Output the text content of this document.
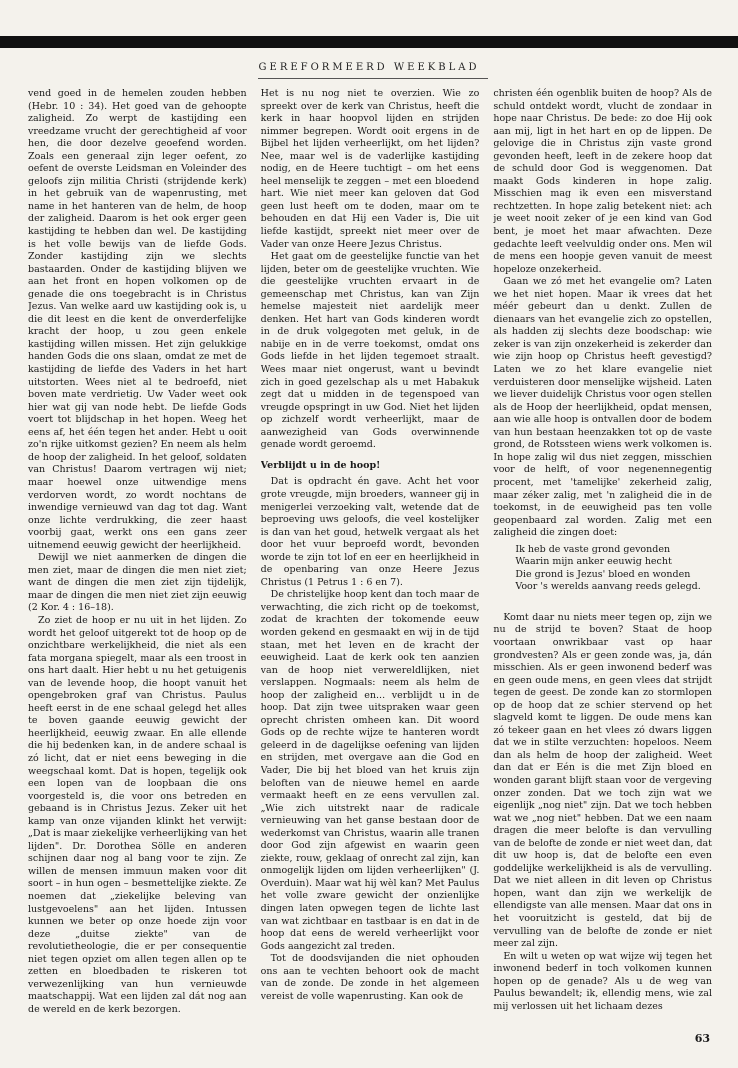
GEREFORMEERD WEEKBLAD

vend goed in de hemelen zouden hebben (Hebr. 10 : 34). Het goed van de gehoopte zaligheid. Zo werpt de kastijding een vreedzame vrucht der gerechtigheid af voor hen, die door dezelve geoefend worden. Zoals een generaal zijn leger oefent, zo oefent de overste Leidsman en Voleinder des geloofs zijn militia Christi (strijdende kerk) in het gebruik van de wapenrusting, met name in het hanteren van de helm, de hoop der zaligheid. Daarom is het ook erger geen kastijding te hebben dan wel. De kastijding is het volle bewijs van de liefde Gods. Zonder kastijding zijn we slechts bastaarden. Onder de kastijding blijven we aan het front en hopen volkomen op de genade die ons toegebracht is in Christus Jezus. Van welke aard uw kastijding ook is, u die dit leest en die kent de onverderfelijke kracht der hoop, u zou geen enkele kastijding willen missen. Het zijn gelukkige handen Gods die ons slaan, omdat ze met de kastijding de liefde des Vaders in het hart uitstorten. Wees niet al te bedroefd, niet boven mate verdrietig. Uw Vader weet ook hier wat gij van node hebt. De liefde Gods voert tot blijdschap in het hopen. Weeg het eens af, het één tegen het ander. Hebt u ooit zo'n rijke uitkomst gezien? En neem als helm de hoop der zaligheid. In het geloof, soldaten van Christus! Daarom vertragen wij niet; maar hoewel onze uitwendige mens verdorven wordt, zo wordt nochtans de inwendige vernieuwd van dag tot dag. Want onze lichte verdrukking, die zeer haast voorbij gaat, werkt ons een gans zeer uitnemend eeuwig gewicht der heerlijkheid.

Dewijl we niet aanmerken de dingen die men ziet, maar de dingen die men niet ziet; want de dingen die men ziet zijn tijdelijk, maar de dingen die men niet ziet zijn eeuwig (2 Kor. 4 : 16–18).

Zo ziet de hoop er nu uit in het lijden. Zo wordt het geloof uitgerekt tot de hoop op de onzichtbare werkelijkheid, die niet als een fata morgana spiegelt, maar als een troost in ons hart daalt. Hier hebt u nu het getuigenis van de levende hoop, die hoopt vanuit het opengebroken graf van Christus. Paulus heeft eerst in de ene schaal gelegd het alles te boven gaande eeuwig gewicht der heerlijkheid, eeuwig zwaar. En alle ellende die hij bedenken kan, in de andere schaal is zó licht, dat er niet eens beweging in die weegschaal komt. Dat is hopen, tegelijk ook een lopen van de loopbaan die ons voorgesteld is, die voor ons betreden en gebaand is in Christus Jezus. Zeker uit het kamp van onze vijanden klinkt het verwijt: „Dat is maar ziekelijke verheerlijking van het lijden". Dr. Dorothea Sölle en anderen schijnen daar nog al bang voor te zijn. Ze willen de mensen immuun maken voor dit soort – in hun ogen – besmettelijke ziekte. Ze noemen dat „ziekelijke beleving van lustgevoelens" aan het lijden. Intussen kunnen we beter op onze hoede zijn voor deze „duitse ziekte" van de revolutietheologie, die er per consequentie niet tegen opziet om allen tegen allen op te zetten en bloedbaden te riskeren tot verwezenlijking van hun vernieuwde maatschappij. Wat een lijden zal dát nog aan de wereld en de kerk bezorgen.

Het is nu nog niet te overzien. Wie zo spreekt over de kerk van Christus, heeft die kerk in haar hoopvol lijden en strijden nimmer begrepen. Wordt ooit ergens in de Bijbel het lijden verheerlijkt, om het lijden? Nee, maar wel is de vaderlijke kastijding nodig, en de Heere tuchtigt – om het eens heel menselijk te zeggen – met een bloedend hart. Wie niet meer kan geloven dat God geen lust heeft om te doden, maar om te behouden en dat Hij een Vader is, Die uit liefde kastijdt, spreekt niet meer over de Vader van onze Heere Jezus Christus.

Het gaat om de geestelijke functie van het lijden, beter om de geestelijke vruchten. Wie die geestelijke vruchten ervaart in de gemeenschap met Christus, kan van Zijn hemelse majesteit niet aardelijk meer denken. Het hart van Gods kinderen wordt in de druk volgegoten met geluk, in de nabije en in de verre toekomst, omdat ons Gods liefde in het lijden tegemoet straalt. Wees maar niet ongerust, want u bevindt zich in goed gezelschap als u met Habakuk zegt dat u midden in de tegenspoed van vreugde opspringt in uw God. Niet het lijden op zichzelf wordt verheerlijkt, maar de aanwezigheid van Gods overwinnende genade wordt geroemd.

Verblijdt u in de hoop!

Dat is opdracht én gave. Acht het voor grote vreugde, mijn broeders, wanneer gij in menigerlei verzoeking valt, wetende dat de beproeving uws geloofs, die veel kostelijker is dan van het goud, hetwelk vergaat als het door het vuur beproefd wordt, bevonden worde te zijn tot lof en eer en heerlijkheid in de openbaring van onze Heere Jezus Christus (1 Petrus 1 : 6 en 7).

De christelijke hoop kent dan toch maar de verwachting, die zich richt op de toekomst, zodat de krachten der tokomende eeuw worden gekend en gesmaakt en wij in de tijd staan, met het leven en de kracht der eeuwigheid. Laat de kerk ook ten aanzien van de hoop niet verwereldlijken, niet verslappen. Nogmaals: neem als helm de hoop der zaligheid en... verblijdt u in de hoop. Dat zijn twee uitspraken waar geen oprecht christen omheen kan. Dit woord Gods op de rechte wijze te hanteren wordt geleerd in de dagelijkse oefening van lijden en strijden, met overgave aan die God en Vader, Die bij het bloed van het kruis zijn beloften van de nieuwe hemel en aarde vermaakt heeft en ze eens vervullen zal. „Wie zich uitstrekt naar de radicale vernieuwing van het ganse bestaan door de wederkomst van Christus, waarin alle tranen door God zijn afgewist en waarin geen ziekte, rouw, geklaag of onrecht zal zijn, kan onmogelijk lijden om lijden verheerlijken" (J. Overduin). Maar wat hij wèl kan? Met Paulus het volle zware gewicht der onzienlijke dingen laten opwegen tegen de lichte last van wat zichtbaar en tastbaar is en dat in de hoop dat eens de wereld verheerlijkt voor Gods aangezicht zal treden.

Tot de doodsvijanden die niet ophouden ons aan te vechten behoort ook de macht van de zonde. De zonde in het algemeen vereist de volle wapenrusting. Kan ook de

christen één ogenblik buiten de hoop? Als de schuld ontdekt wordt, vlucht de zondaar in hope naar Christus. De bede: zo doe Hij ook aan mij, ligt in het hart en op de lippen. De gelovige die in Christus zijn vaste grond gevonden heeft, leeft in de zekere hoop dat de schuld door God is weggenomen. Dat maakt Gods kinderen in hope zalig. Misschien mag ik even een misverstand rechtzetten. In hope zalig betekent niet: ach je weet nooit zeker of je een kind van God bent, je moet het maar afwachten. Deze gedachte leeft veelvuldig onder ons. Men wil de mens een hoopje geven vanuit de meest hopeloze onzekerheid.

Gaan we zó met het evangelie om? Laten we het niet hopen. Maar ik vrees dat het méér gebeurt dan u denkt. Zullen de dienaars van het evangelie zich zo opstellen, als hadden zij slechts deze boodschap: wie zeker is van zijn onzekerheid is zekerder dan wie zijn hoop op Christus heeft gevestigd? Laten we zo het klare evangelie niet verduisteren door menselijke wijsheid. Laten we liever duidelijk Christus voor ogen stellen als de Hoop der heerlijkheid, opdat mensen, aan wie alle hoop is ontvallen door de bodem van hun bestaan heenzakken tot op de vaste grond, de Rotssteen wiens werk volkomen is. In hope zalig wil dus niet zeggen, misschien voor de helft, of voor negenennegentig procent, met 'tamelijke' zekerheid zalig, maar zéker zalig, met 'n zaligheid die in de toekomst, in de eeuwigheid pas ten volle geopenbaard zal worden. Zalig met een zaligheid die zingen doet:

Ik heb de vaste grond gevonden
Waarin mijn anker eeuwig hecht
Die grond is Jezus' bloed en wonden
Voor 's werelds aanvang reeds gelegd.

Komt daar nu niets meer tegen op, zijn we nu de strijd te boven? Staat de hoop voortaan onwrikbaar vast op haar grondvesten? Als er geen zonde was, ja, dán misschien. Als er geen inwonend bederf was en geen oude mens, en geen vlees dat strijdt tegen de geest. De zonde kan zo stormlopen op de hoop dat ze schier stervend op het slagveld komt te liggen. De oude mens kan zó tekeer gaan en het vlees zó dwars liggen dat we in stilte verzuchten: hopeloos. Neem dan als helm de hoop der zaligheid. Weet dan dat er Eén is die met Zijn bloed en wonden garant blijft staan voor de vergeving onzer zonden. Dat we toch zijn wat we eigenlijk „nog niet" zijn. Dat we toch hebben wat we „nog niet" hebben. Dat we een naam dragen die meer belofte is dan vervulling van de belofte de zonde er niet weet dan, dat dit uw hoop is, dat de belofte een even goddelijke werkelijkheid is als de vervulling. Dat we niet alleen in dit leven op Christus hopen, want dan zijn we werkelijk de ellendigste van alle mensen. Maar dat ons in het vooruitzicht is gesteld, dat bij de vervulling van de belofte de zonde er niet meer zal zijn.

En wilt u weten op wat wijze wij tegen het inwonend bederf in toch volkomen kunnen hopen op de genade? Als u de weg van Paulus bewandelt; ik, ellendig mens, wie zal mij verlossen uit het lichaam dezes

63
